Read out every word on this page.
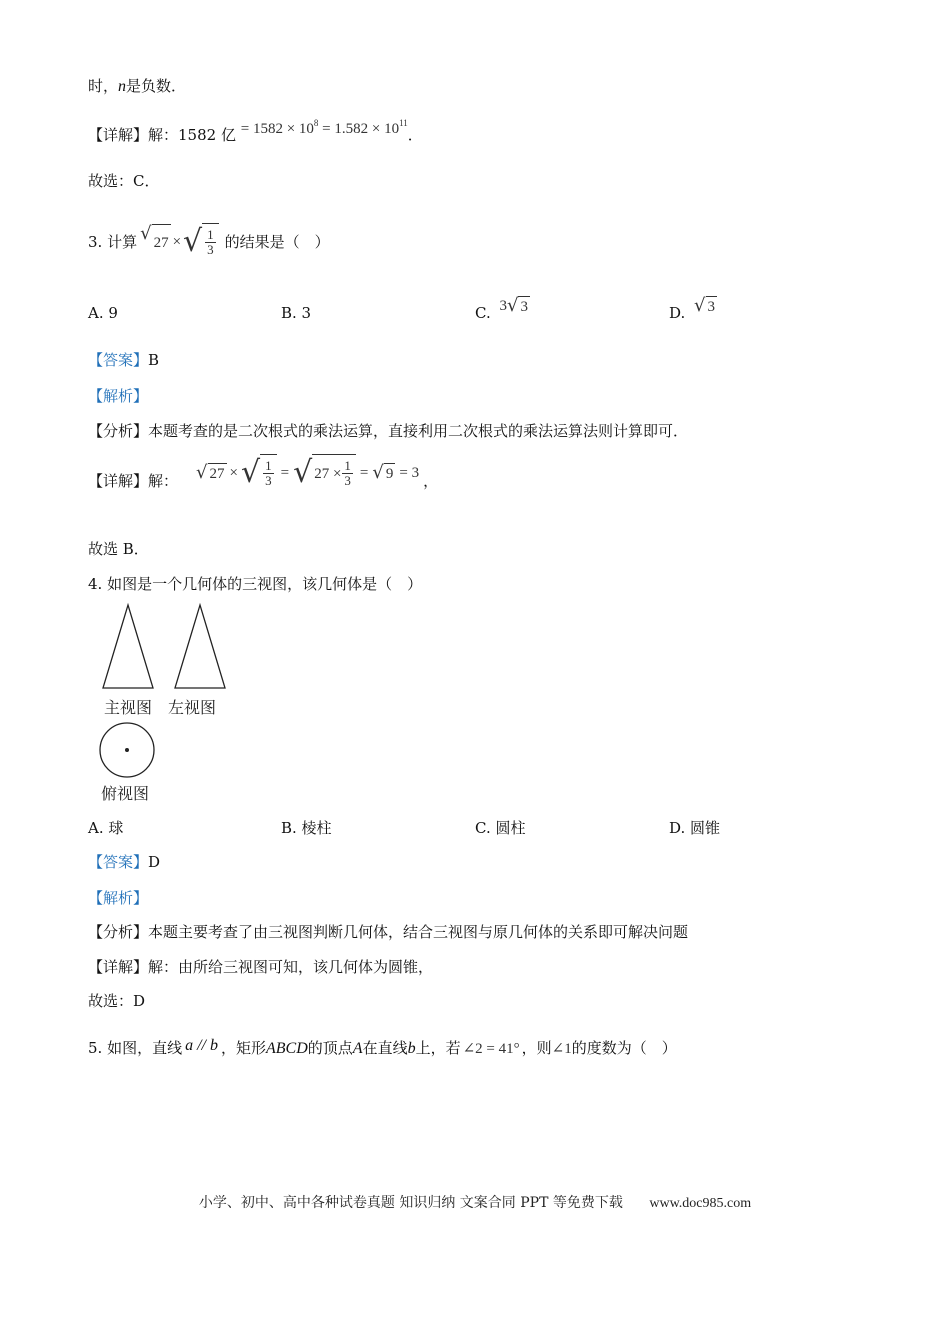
时，n是负数．
【详解】解：1582 亿 = $1582 \times 10^8 = 1.582 \times 10^{11}$．
故选：C．
3. 计算 √ 27 × √ $\frac{1}{3}$ 的结果是（　）
A. 9	B. 3	C. 3 √ 3	D. √ 3
【答案】B
【解析】
【分析】本题考查的是二次根式的乘法运算，直接利用二次根式的乘法运算法则计算即可．
【详解】 解： √ 27 × √ $\frac{1}{3}$ = √ $27 \times \frac{1}{3}$ = √ 9 = 3 ，
故选 B．
4. 如图是一个几何体的三视图，该几何体是（　）
主视图 左视图
俯视图
A. 球	B. 棱柱	C. 圆柱	D. 圆锥
【答案】D
【解析】
【分析】本题主要考查了由三视图判断几何体，结合三视图与原几何体的关系即可解决问题
【详解】解：由所给三视图可知，该几何体为圆锥，
故选：D
5. 如图，直线 a // b ，矩形ABCD的顶点A在直线b上，若 ∠2 = 41° ，则∠1的度数为（　）
小学、初中、高中各种试卷真题 知识归纳 文案合同 PPT 等免费下载 www.doc985.com
